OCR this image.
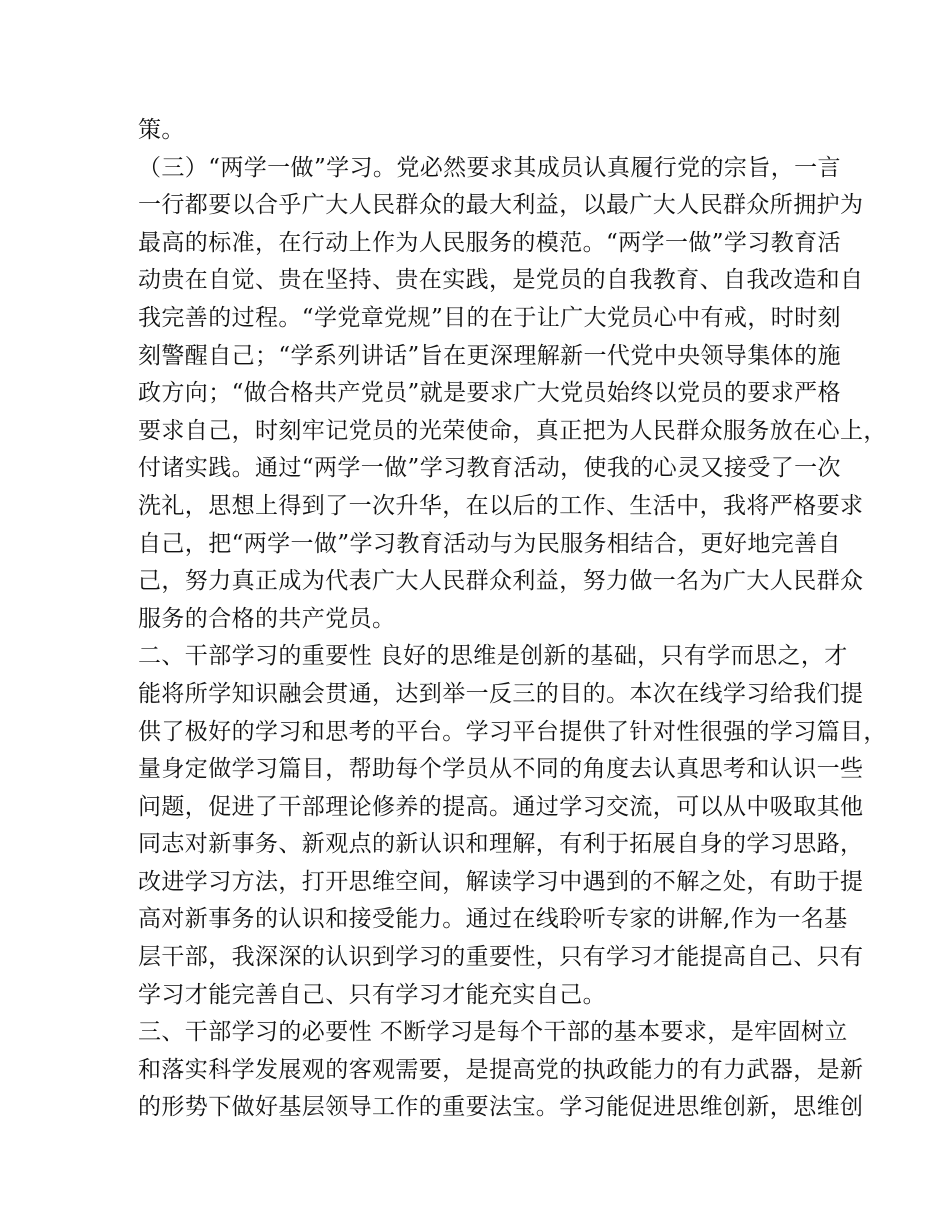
策。
（三）“两学一做”学习。党必然要求其成员认真履行党的宗旨，一言
一行都要以合乎广大人民群众的最大利益，以最广大人民群众所拥护为
最高的标准，在行动上作为人民服务的模范。“两学一做”学习教育活
动贵在自觉、贵在坚持、贵在实践，是党员的自我教育、自我改造和自
我完善的过程。“学党章党规”目的在于让广大党员心中有戒，时时刻
刻警醒自己；“学系列讲话”旨在更深理解新一代党中央领导集体的施
政方向；“做合格共产党员”就是要求广大党员始终以党员的要求严格
要求自己，时刻牢记党员的光荣使命，真正把为人民群众服务放在心上，
付诸实践。通过“两学一做”学习教育活动，使我的心灵又接受了一次
洗礼，思想上得到了一次升华，在以后的工作、生活中，我将严格要求
自己，把“两学一做”学习教育活动与为民服务相结合，更好地完善自
己，努力真正成为代表广大人民群众利益，努力做一名为广大人民群众
服务的合格的共产党员。
二、干部学习的重要性 良好的思维是创新的基础，只有学而思之，才
能将所学知识融会贯通，达到举一反三的目的。本次在线学习给我们提
供了极好的学习和思考的平台。学习平台提供了针对性很强的学习篇目，
量身定做学习篇目，帮助每个学员从不同的角度去认真思考和认识一些
问题，促进了干部理论修养的提高。通过学习交流，可以从中吸取其他
同志对新事务、新观点的新认识和理解，有利于拓展自身的学习思路，
改进学习方法，打开思维空间，解读学习中遇到的不解之处，有助于提
高对新事务的认识和接受能力。通过在线聆听专家的讲解,作为一名基
层干部，我深深的认识到学习的重要性，只有学习才能提高自己、只有
学习才能完善自己、只有学习才能充实自己。
三、干部学习的必要性 不断学习是每个干部的基本要求，是牢固树立
和落实科学发展观的客观需要，是提高党的执政能力的有力武器，是新
的形势下做好基层领导工作的重要法宝。学习能促进思维创新，思维创
